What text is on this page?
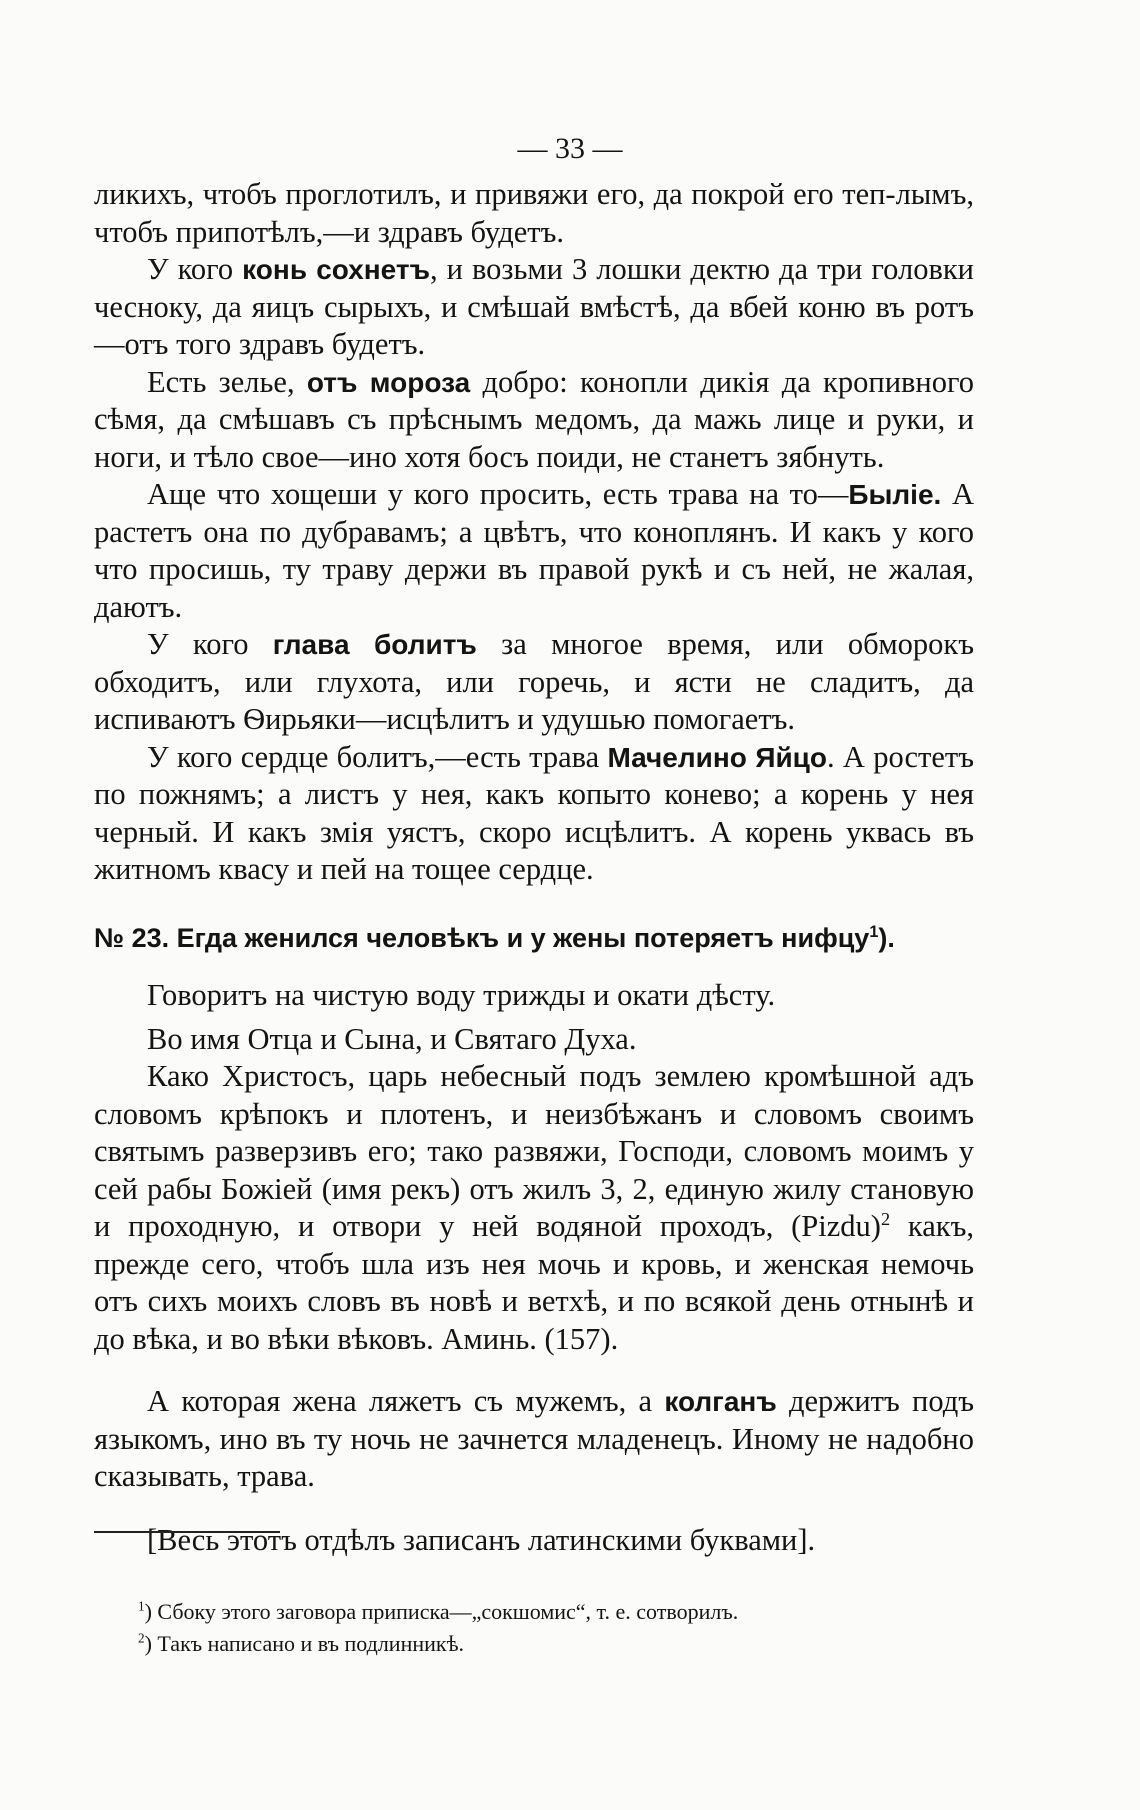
— 33 —

ликихъ, чтобъ проглотилъ, и привяжи его, да покрой его теп-лымъ, чтобъ припотѣлъ,—и здравъ будетъ.

У кого конь сохнетъ, и возьми 3 лошки дектю да три головки чесноку, да яицъ сырыхъ, и смѣшай вмѣстѣ, да вбей коню въ ротъ—отъ того здравъ будетъ.

Есть зелье, отъ мороза добро: конопли дикія да кропивного сѣмя, да смѣшавъ съ прѣснымъ медомъ, да мажь лице и руки, и ноги, и тѣло свое—ино хотя босъ поиди, не станетъ зябнуть.

Аще что хощеши у кого просить, есть трава на то—Былiе. А растетъ она по дубравамъ; а цвѣтъ, что коноплянъ. И какъ у кого что просишь, ту траву держи въ правой рукѣ и съ ней, не жалая, даютъ.

У кого глава болитъ за многое время, или обморокъ обходитъ, или глухота, или горечь, и ясти не сладитъ, да испиваютъ Ѳирьяки—исцѣлитъ и удушью помогаетъ.

У кого сердце болитъ,—есть трава Мачелино Яйцо. А ростетъ по пожнямъ; а листъ у нея, какъ копыто конево; а корень у нея черный. И какъ змія уястъ, скоро исцѣлитъ. А корень уквась въ житномъ квасу и пей на тощее сердце.

№ 23. Егда женился человѣкъ и у жены потеряетъ нифцу$^1$).

Говоритъ на чистую воду трижды и окати дѣсту.

Во имя Отца и Сына, и Святаго Духа.

Како Христосъ, царь небесный подъ землею кромѣшной адъ словомъ крѣпокъ и плотенъ, и неизбѣжанъ и словомъ своимъ святымъ разверзивъ его; тако развяжи, Господи, словомъ моимъ у сей рабы Божiей (имя рекъ) отъ жилъ 3, 2, единую жилу становую и проходную, и отвори у ней водяной проходъ, (Pizdu)$^2$ какъ, прежде сего, чтобъ шла изъ нея мочь и кровь, и женская немочь отъ сихъ моихъ словъ въ новѣ и ветхѣ, и по всякой день отнынѣ и до вѣка, и во вѣки вѣковъ. Аминь. (157).

А которая жена ляжетъ съ мужемъ, а колганъ держитъ подъ языкомъ, ино въ ту ночь не зачнется младенецъ. Иному не надобно сказывать, трава.

[Весь этотъ отдѣлъ записанъ латинскими буквами].

$^1$) Сбоку этого заговора приписка—„сокшомис“, т. е. сотворилъ.
$^2$) Такъ написано и въ подлинникѣ.
